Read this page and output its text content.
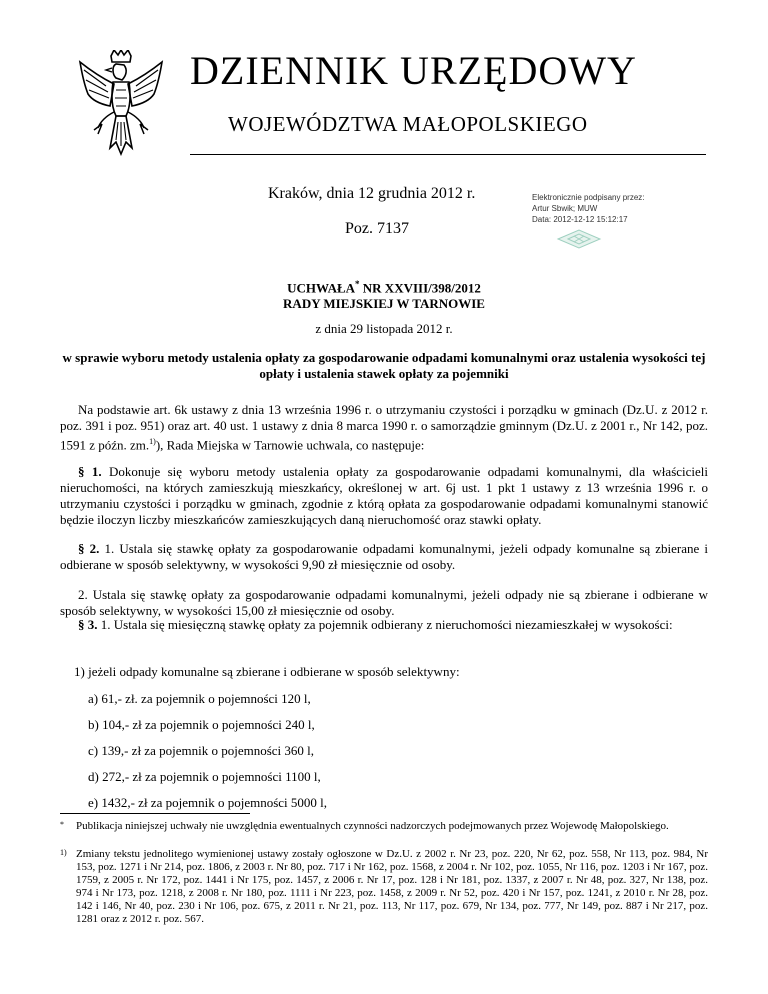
DZIENNIK URZĘDOWY
WOJEWÓDZTWA MAŁOPOLSKIEGO
Kraków, dnia 12 grudnia 2012 r.
Poz. 7137
Elektronicznie podpisany przez:
Artur Sbwik; MUW
Data: 2012-12-12 15:12:17
UCHWAŁA* NR XXVIII/398/2012
RADY MIEJSKIEJ W TARNOWIE
z dnia 29 listopada 2012 r.
w sprawie wyboru metody ustalenia opłaty za gospodarowanie odpadami komunalnymi oraz ustalenia wysokości tej opłaty i ustalenia stawek opłaty za pojemniki
Na podstawie art. 6k ustawy z dnia 13 września 1996 r. o utrzymaniu czystości i porządku w gminach (Dz.U. z 2012 r. poz. 391 i poz. 951) oraz art. 40 ust. 1 ustawy z dnia 8 marca 1990 r. o samorządzie gminnym (Dz.U. z 2001 r., Nr 142, poz. 1591 z późn. zm.$^{1)}$), Rada Miejska w Tarnowie uchwala, co następuje:
§ 1. Dokonuje się wyboru metody ustalenia opłaty za gospodarowanie odpadami komunalnymi, dla właścicieli nieruchomości, na których zamieszkują mieszkańcy, określonej w art. 6j ust. 1 pkt 1 ustawy z 13 września 1996 r. o utrzymaniu czystości i porządku w gminach, zgodnie z którą opłata za gospodarowanie odpadami komunalnymi stanowić będzie iloczyn liczby mieszkańców zamieszkujących daną nieruchomość oraz stawki opłaty.
§ 2. 1. Ustala się stawkę opłaty za gospodarowanie odpadami komunalnymi, jeżeli odpady komunalne są zbierane i odbierane w sposób selektywny, w wysokości 9,90 zł miesięcznie od osoby.
2. Ustala się stawkę opłaty za gospodarowanie odpadami komunalnymi, jeżeli odpady nie są zbierane i odbierane w sposób selektywny, w wysokości 15,00 zł miesięcznie od osoby.
§ 3. 1. Ustala się miesięczną stawkę opłaty za pojemnik odbierany z nieruchomości niezamieszkałej w wysokości:
1) jeżeli odpady komunalne są zbierane i odbierane w sposób selektywny:
a) 61,- zł. za pojemnik o pojemności 120 l,
b) 104,- zł za pojemnik o pojemności 240 l,
c) 139,- zł za pojemnik o pojemności 360 l,
d) 272,- zł za pojemnik o pojemności 1100 l,
e) 1432,- zł za pojemnik o pojemności 5000 l,
*	Publikacja niniejszej uchwały nie uwzględnia ewentualnych czynności nadzorczych podejmowanych przez Wojewodę Małopolskiego.
1) Zmiany tekstu jednolitego wymienionej ustawy zostały ogłoszone w Dz.U. z 2002 r. Nr 23, poz. 220, Nr 62, poz. 558, Nr 113, poz. 984, Nr 153, poz. 1271 i Nr 214, poz. 1806, z 2003 r. Nr 80, poz. 717 i Nr 162, poz. 1568, z 2004 r. Nr 102, poz. 1055, Nr 116, poz. 1203 i Nr 167, poz. 1759, z 2005 r. Nr 172, poz. 1441 i Nr 175, poz. 1457, z 2006 r. Nr 17, poz. 128 i Nr 181, poz. 1337, z 2007 r. Nr 48, poz. 327, Nr 138, poz. 974 i Nr 173, poz. 1218, z 2008 r. Nr 180, poz. 1111 i Nr 223, poz. 1458, z 2009 r. Nr 52, poz. 420 i Nr 157, poz. 1241, z 2010 r. Nr 28, poz. 142 i 146, Nr 40, poz. 230 i Nr 106, poz. 675, z 2011 r. Nr 21, poz. 113, Nr 117, poz. 679, Nr 134, poz. 777, Nr 149, poz. 887 i Nr 217, poz. 1281 oraz z 2012 r. poz. 567.
